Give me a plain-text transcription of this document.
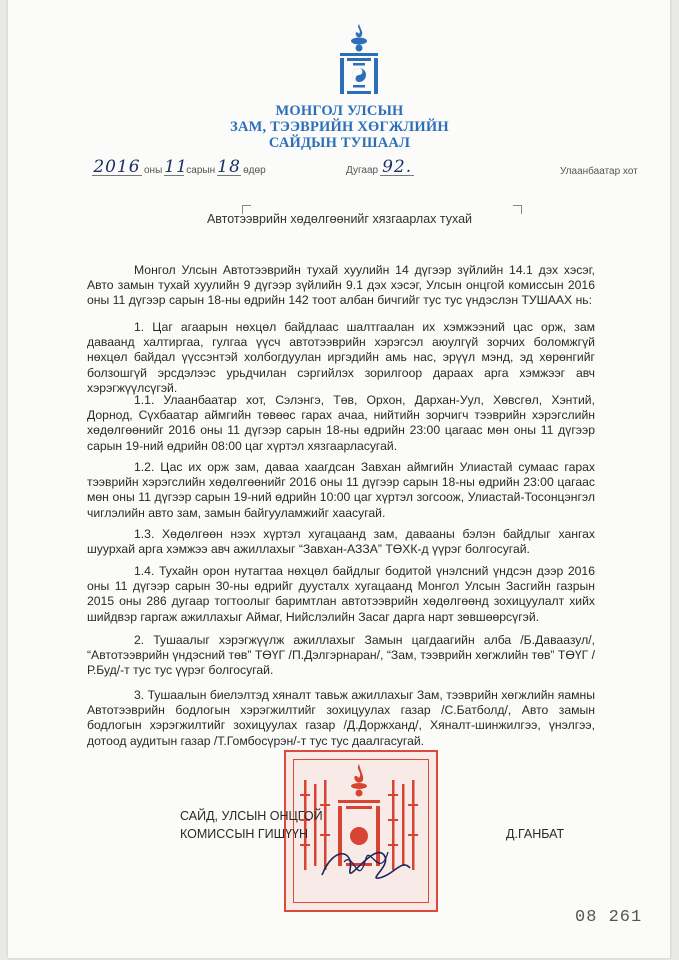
МОНГОЛ УЛСЫН
ЗАМ, ТЭЭВРИЙН ХӨГЖЛИЙН
САЙДЫН ТУШААЛ
2016 оны 11сарын 18 өдөр	Дугаар 92.	Улаанбаатар хот
Автотээврийн хөдөлгөөнийг хязгаарлах тухай

Монгол Улсын Автотээврийн тухай хуулийн 14 дүгээр зүйлийн 14.1 дэх хэсэг, Авто замын тухай хуулийн 9 дүгээр зүйлийн 9.1 дэх хэсэг, Улсын онцгой комиссын 2016 оны 11 дүгээр сарын 18-ны өдрийн 142 тоот албан бичгийг тус тус үндэслэн ТУШААХ нь:

1. Цаг агаарын нөхцөл байдлаас шалтгаалан их хэмжээний цас орж, зам даваанд халтиргаа, гулгаа үүсч автотээврийн хэрэгсэл аюулгүй зорчих боломжгүй нөхцөл байдал үүссэнтэй холбогдуулан иргэдийн амь нас, эрүүл мэнд, эд хөрөнгийг болзошгүй эрсдэлээс урьдчилан сэргийлэх зорилгоор дараах арга хэмжээг авч хэрэгжүүлсүгэй.

1.1. Улаанбаатар хот, Сэлэнгэ, Төв, Орхон, Дархан-Уул, Хөвсгөл, Хэнтий, Дорнод, Сүхбаатар аймгийн төвөөс гарах ачаа, нийтийн зорчигч тээврийн хэрэгслийн хөдөлгөөнийг 2016 оны 11 дүгээр сарын 18-ны өдрийн 23:00 цагаас мөн оны 11 дүгээр сарын 19-ний өдрийн 08:00 цаг хүртэл хязгаарласугай.

1.2. Цас их орж зам, даваа хаагдсан Завхан аймгийн Улиастай сумаас гарах тээврийн хэрэгслийн хөдөлгөөнийг 2016 оны 11 дүгээр сарын 18-ны өдрийн 23:00 цагаас мөн оны 11 дүгээр сарын 19-ний өдрийн 10:00 цаг хүртэл зогсоож, Улиастай-Тосонцэнгэл чиглэлийн авто зам, замын байгууламжийг хаасугай.

1.3. Хөдөлгөөн нээх хүртэл хугацаанд зам, давааны бэлэн байдлыг хангах шуурхай арга хэмжээ авч ажиллахыг “Завхан-АЗЗА” ТӨХК-д үүрэг болгосугай.

1.4. Тухайн орон нутагтаа нөхцөл байдлыг бодитой үнэлсний үндсэн дээр 2016 оны 11 дүгээр сарын 30-ны өдрийг дуусталх хугацаанд Монгол Улсын Засгийн газрын 2015 оны 286 дугаар тогтоолыг баримтлан автотээврийн хөдөлгөөнд зохицуулалт хийх шийдвэр гаргаж ажиллахыг Аймаг, Нийслэлийн Засаг дарга нарт зөвшөөрсүгэй.

2. Тушаалыг хэрэгжүүлж ажиллахыг Замын цагдаагийн алба /Б.Даваазул/, “Автотээврийн үндэсний төв” ТӨҮГ /П.Дэлгэрнаран/, “Зам, тээврийн хөгжлийн төв” ТӨҮГ /Р.Буд/-т тус тус үүрэг болгосугай.

3. Тушаалын биелэлтэд хяналт тавьж ажиллахыг Зам, тээврийн хөгжлийн яамны Автотээврийн бодлогын хэрэгжилтийг зохицуулах газар /С.Батболд/, Авто замын бодлогын хэрэгжилтийг зохицуулах газар /Д.Доржханд/, Хяналт-шинжилгээ, үнэлгээ, дотоод аудитын газар /Т.Гомбосүрэн/-т тус тус даалгасугай.

САЙД, УЛСЫН ОНЦГОЙ
КОМИССЫН ГИШҮҮН	Д.ГАНБАТ
08 261
